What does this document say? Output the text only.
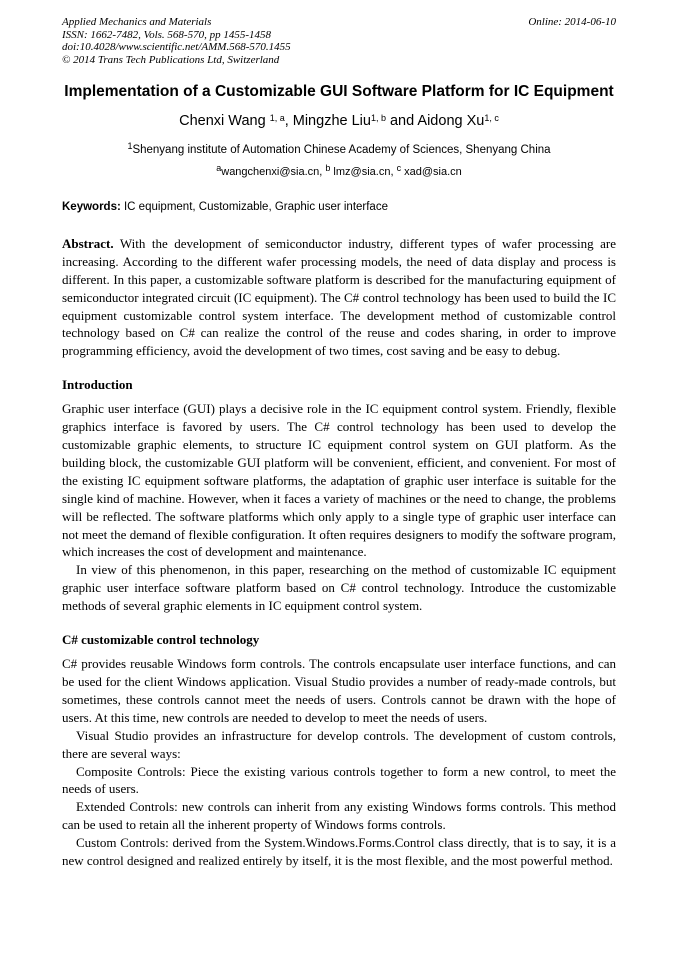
Applied Mechanics and Materials
ISSN: 1662-7482, Vols. 568-570, pp 1455-1458
doi:10.4028/www.scientific.net/AMM.568-570.1455
© 2014 Trans Tech Publications Ltd, Switzerland
Online: 2014-06-10
Implementation of a Customizable GUI Software Platform for IC Equipment
Chenxi Wang $^{1, a}$, Mingzhe Liu$^{1, b}$ and Aidong Xu$^{1, c}$
$^1$Shenyang institute of Automation Chinese Academy of Sciences, Shenyang China
$^a$wangchenxi@sia.cn, $^b$ lmz@sia.cn, $^c$ xad@sia.cn
Keywords: IC equipment, Customizable, Graphic user interface

Abstract. With the development of semiconductor industry, different types of wafer processing are increasing. According to the different wafer processing models, the need of data display and process is different. In this paper, a customizable software platform is described for the manufacturing equipment of semiconductor integrated circuit (IC equipment). The C# control technology has been used to build the IC equipment customizable control system interface. The development method of customizable control technology based on C# can realize the control of the reuse and codes sharing, in order to improve programming efficiency, avoid the development of two times, cost saving and be easy to debug.

Introduction

Graphic user interface (GUI) plays a decisive role in the IC equipment control system. Friendly, flexible graphics interface is favored by users. The C# control technology has been used to develop the customizable graphic elements, to structure IC equipment control system on GUI platform. As the building block, the customizable GUI platform will be convenient, efficient, and convenient. For most of the existing IC equipment software platforms, the adaptation of graphic user interface is suitable for the single kind of machine. However, when it faces a variety of machines or the need to change, the problems will be reflected. The software platforms which only apply to a single type of graphic user interface can not meet the demand of flexible configuration. It often requires designers to modify the software program, which increases the cost of development and maintenance.

In view of this phenomenon, in this paper, researching on the method of customizable IC equipment graphic user interface software platform based on C# control technology. Introduce the customizable methods of several graphic elements in IC equipment control system.

C# customizable control technology

C# provides reusable Windows form controls. The controls encapsulate user interface functions, and can be used for the client Windows application. Visual Studio provides a number of ready-made controls, but sometimes, these controls cannot meet the needs of users. Controls cannot be drawn with the hope of users. At this time, new controls are needed to develop to meet the needs of users.

Visual Studio provides an infrastructure for develop controls. The development of custom controls, there are several ways:

Composite Controls: Piece the existing various controls together to form a new control, to meet the needs of users.

Extended Controls: new controls can inherit from any existing Windows forms controls. This method can be used to retain all the inherent property of Windows forms controls.

Custom Controls: derived from the System.Windows.Forms.Control class directly, that is to say, it is a new control designed and realized entirely by itself, it is the most flexible, and the most powerful method.
